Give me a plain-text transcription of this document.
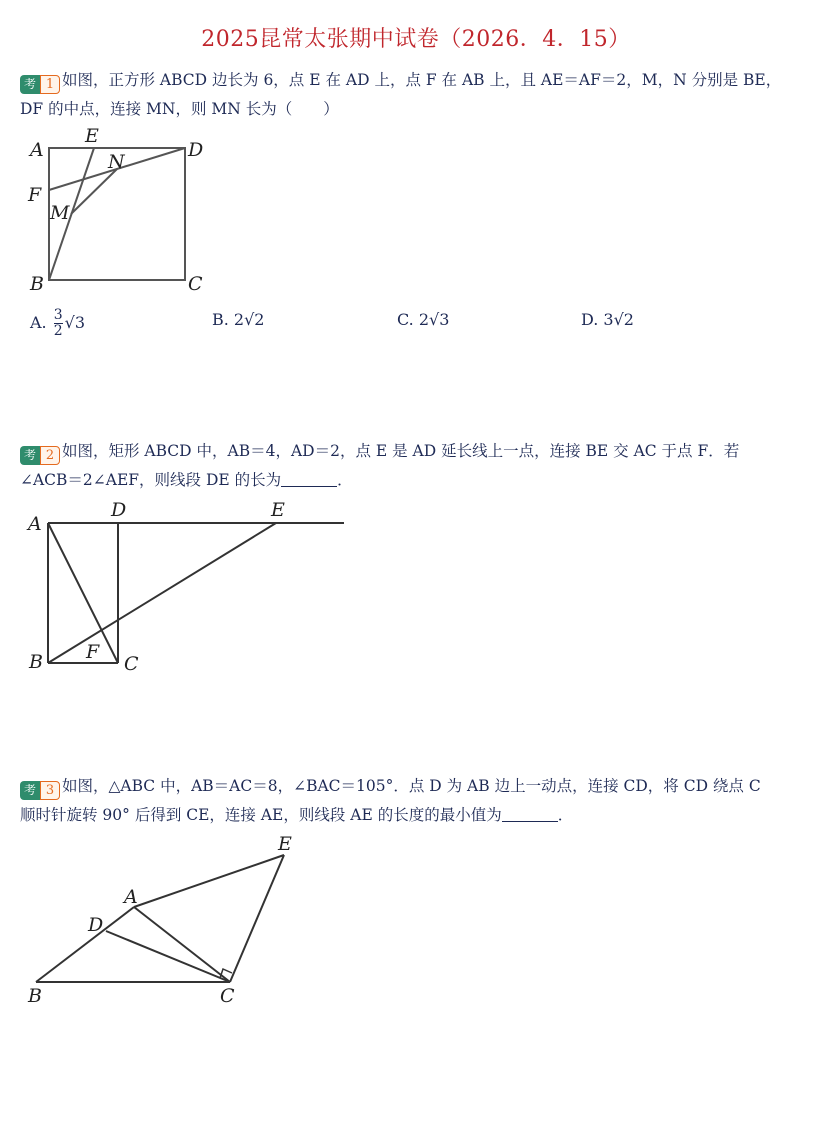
2025昆常太张期中试卷（2026．4．15）
考 1 如图，正方形 ABCD 边长为 6，点 E 在 AD 上，点 F 在 AB 上，且 AE＝AF＝2，M，N 分别是 BE，
DF 的中点，连接 MN，则 MN 长为（　　）
A
E
N
D
F
M
B	C
A. $\frac{3}{2} √3$	B. 2√2	C. 2√3	D. 3√2
考 2 如图，矩形 ABCD 中，AB＝4，AD＝2，点 E 是 AD 延长线上一点，连接 BE 交 AC 于点 F．若
∠ACB＝2∠AEF，则线段 DE 的长为	．
A
D	E
B F
C
考 3 如图，△ABC 中，AB＝AC＝8，∠BAC＝105°．点 D 为 AB 边上一动点，连接 CD，将 CD 绕点 C
顺时针旋转 90° 后得到 CE，连接 AE，则线段 AE 的长度的最小值为	．
E
A
D
B	C
